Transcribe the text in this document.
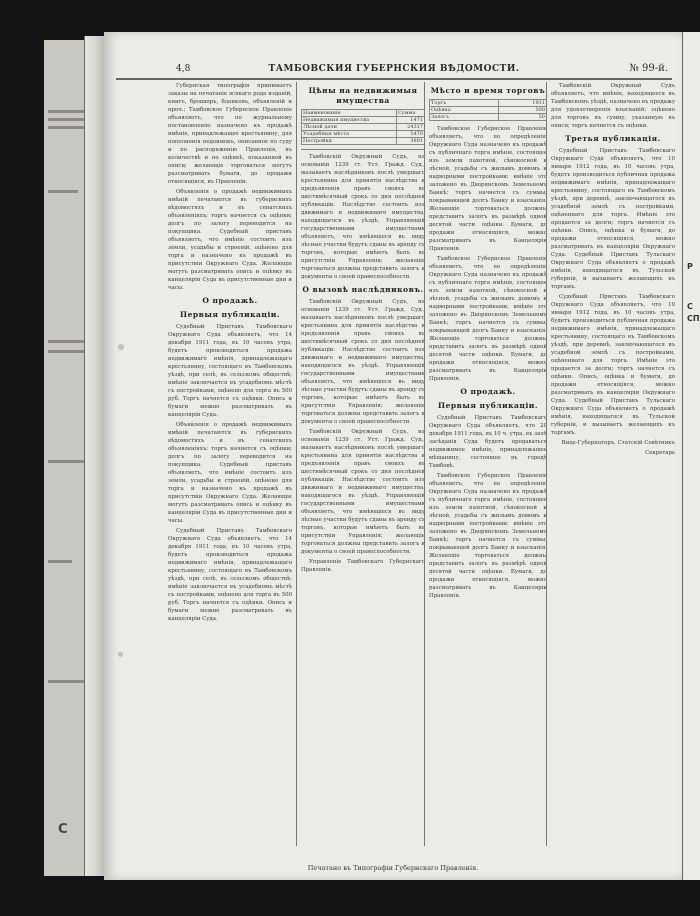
С
4,8	ТАМБОВСКИЯ ГУБЕРНСКИЯ ВѢДОМОСТИ.	№ 99-й.

Губернская типографія принимаетъ заказы на печатаніе всякаго рода изданій, книгъ, брошюръ, бланковъ, объявленій и проч.; Тамбовское Губернское Правленіе объявляетъ, что по журнальному постановленію назначено къ продажѣ имѣніе, принадлежащее крестьянину, для пополненія недоимокъ, описанное по суду и по распоряженію Правленія, въ количествѣ и по оцѣнкѣ, показанной въ описи; желающіе торговаться могутъ разсматривать бумаги, до продажи относящіяся, въ Правленіи.

Объявленія о продажѣ недвижимыхъ имѣній печатаются въ губернскихъ вѣдомостяхъ и въ сенатскихъ объявленіяхъ; торгъ начнется съ оцѣнки; долгъ по залогу переводится на покупщика. Судебный приставъ объявляетъ, что имѣніе состоитъ изъ земли, усадьбы и строеній, оцѣнено для торга и назначено къ продажѣ въ присутствіи Окружнаго Суда. Желающіе могутъ разсматривать опись и оцѣнку въ канцеляріи Суда въ присутственные дни и часы.

О продажѣ.
Первыя публикаціи.

Судебный Приставъ Тамбовскаго Окружнаго Суда объявляетъ, что 14 декабря 1911 года, въ 10 часовъ утра, будетъ производиться продажа недвижимаго имѣнія, принадлежащаго крестьянину, состоящаго въ Тамбовскомъ уѣздѣ, при селѣ, въ сельскомъ обществѣ; имѣніе заключается въ усадебномъ мѣстѣ съ постройками, оцѣнено для торга въ 500 руб. Торгъ начнется съ оцѣнки. Опись и бумаги можно разсматривать въ канцеляріи Суда.

Объявленія о продажѣ недвижимыхъ имѣній печатаются въ губернскихъ вѣдомостяхъ и въ сенатскихъ объявленіяхъ; торгъ начнется съ оцѣнки; долгъ по залогу переводится на покупщика. Судебный приставъ объявляетъ, что имѣніе состоитъ изъ земли, усадьбы и строеній, оцѣнено для торга и назначено къ продажѣ въ присутствіи Окружнаго Суда. Желающіе могутъ разсматривать опись и оцѣнку въ канцеляріи Суда въ присутственные дни и часы.

Судебный Приставъ Тамбовскаго Окружнаго Суда объявляетъ, что 14 декабря 1911 года, въ 10 часовъ утра, будетъ производиться продажа недвижимаго имѣнія, принадлежащаго крестьянину, состоящаго въ Тамбовскомъ уѣздѣ, при селѣ, въ сельскомъ обществѣ; имѣніе заключается въ усадебномъ мѣстѣ съ постройками, оцѣнено для торга въ 500 руб. Торгъ начнется съ оцѣнки. Опись и бумаги можно разсматривать въ канцеляріи Суда.

Цѣны на недвижимыя имущества
Наименованіе	Сумма
Недвижимыя имущества	1471
Лѣсной дачи	24317
Усадебныя мѣста	5470
Постройки	3801

Тамбовскій Окружный Судъ, на основаніи 1239 ст. Уст. Гражд. Суд., вызываетъ наслѣдниковъ послѣ умершаго крестьянина для принятія наслѣдства и предъявленія правъ своихъ въ шестимѣсячный срокъ со дня послѣдней публикаціи. Наслѣдство состоитъ изъ движимаго и недвижимаго имущества, находящагося въ уѣздѣ. Управляющій государственными имуществами объявляетъ, что имѣющіеся въ виду лѣсные участки будутъ сданы въ аренду съ торговъ, которые имѣютъ быть въ присутствіи Управленія; желающіе торговаться должны представить залогъ и документы о своей правоспособности.

О вызовѣ наслѣдниковъ.

Тамбовскій Окружный Судъ, на основаніи 1239 ст. Уст. Гражд. Суд., вызываетъ наслѣдниковъ послѣ умершаго крестьянина для принятія наслѣдства и предъявленія правъ своихъ въ шестимѣсячный срокъ со дня послѣдней публикаціи. Наслѣдство состоитъ изъ движимаго и недвижимаго имущества, находящагося въ уѣздѣ. Управляющій государственными имуществами объявляетъ, что имѣющіеся въ виду лѣсные участки будутъ сданы въ аренду съ торговъ, которые имѣютъ быть въ присутствіи Управленія; желающіе торговаться должны представить залогъ и документы о своей правоспособности.

Тамбовскій Окружный Судъ, на основаніи 1239 ст. Уст. Гражд. Суд., вызываетъ наслѣдниковъ послѣ умершаго крестьянина для принятія наслѣдства и предъявленія правъ своихъ въ шестимѣсячный срокъ со дня послѣдней публикаціи. Наслѣдство состоитъ изъ движимаго и недвижимаго имущества, находящагося въ уѣздѣ. Управляющій государственными имуществами объявляетъ, что имѣющіеся въ виду лѣсные участки будутъ сданы въ аренду съ торговъ, которые имѣютъ быть въ присутствіи Управленія; желающіе торговаться должны представить залогъ и документы о своей правоспособности.

Управленіе Тамбовскаго Губернскаго Правленія.

Мѣсто и время торговъ
Торгъ	1911
Оцѣнка	500
Залогъ	50

Тамбовское Губернское Правленіе объявляетъ, что по опредѣленію Окружнаго Суда назначено къ продажѣ съ публичнаго торга имѣніе, состоящее изъ земли пахотной, сѣнокосной и лѣсной, усадьбы съ жилымъ домомъ и надворными постройками; имѣніе это заложено въ Дворянскомъ Земельномъ Банкѣ; торгъ начнется съ суммы, покрывающей долгъ Банку и взысканія. Желающіе торговаться должны представить залогъ въ размѣрѣ одной десятой части оцѣнки. Бумаги, до продажи относящіяся, можно разсматривать въ Канцеляріи Правленія.

Тамбовское Губернское Правленіе объявляетъ, что по опредѣленію Окружнаго Суда назначено къ продажѣ съ публичнаго торга имѣніе, состоящее изъ земли пахотной, сѣнокосной и лѣсной, усадьбы съ жилымъ домомъ и надворными постройками; имѣніе это заложено въ Дворянскомъ Земельномъ Банкѣ; торгъ начнется съ суммы, покрывающей долгъ Банку и взысканія. Желающіе торговаться должны представить залогъ въ размѣрѣ одной десятой части оцѣнки. Бумаги, до продажи относящіяся, можно разсматривать въ Канцеляріи Правленія.

О продажѣ.
Первыя публикаціи.

Судебный Приставъ Тамбовскаго Окружнаго Суда объявляетъ, что 20 декабря 1911 года, въ 10 ч. утра, въ залѣ засѣданія Суда будетъ продаваться недвижимое имѣніе, принадлежащее мѣщанину, состоящее въ городѣ Тамбовѣ.

Тамбовское Губернское Правленіе объявляетъ, что по опредѣленію Окружнаго Суда назначено къ продажѣ съ публичнаго торга имѣніе, состоящее изъ земли пахотной, сѣнокосной и лѣсной, усадьбы съ жилымъ домомъ и надворными постройками; имѣніе это заложено въ Дворянскомъ Земельномъ Банкѣ; торгъ начнется съ суммы, покрывающей долгъ Банку и взысканія. Желающіе торговаться должны представить залогъ въ размѣрѣ одной десятой части оцѣнки. Бумаги, до продажи относящіяся, можно разсматривать въ Канцеляріи Правленія.

Тамбовскій Окружный Судъ объявляетъ, что имѣніе, находящееся въ Тамбовскомъ уѣздѣ, назначено въ продажу для удовлетворенія взысканій; оцѣнено для торговъ въ сумму, указанную въ описи; торгъ начнется съ оцѣнки.

Третья публикація.

Судебный Приставъ Тамбовскаго Окружнаго Суда объявляетъ, что 10 января 1912 года, въ 10 часовъ утра, будетъ производиться публичная продажа недвижимаго имѣнія, принадлежащаго крестьянину, состоящаго въ Тамбовскомъ уѣздѣ, при деревнѣ, заключающагося въ усадебной землѣ съ постройками, оцѣненнаго для торга. Имѣніе это продается за долги; торгъ начнется съ оцѣнки. Опись, оцѣнка и бумаги, до продажи относящіяся, можно разсматривать въ канцеляріи Окружнаго Суда. Судебный Приставъ Тульскаго Окружнаго Суда объявляетъ о продажѣ имѣнія, находящагося въ Тульской губерніи, и вызываетъ желающихъ къ торгамъ.

Судебный Приставъ Тамбовскаго Окружнаго Суда объявляетъ, что 10 января 1912 года, въ 10 часовъ утра, будетъ производиться публичная продажа недвижимаго имѣнія, принадлежащаго крестьянину, состоящаго въ Тамбовскомъ уѣздѣ, при деревнѣ, заключающагося въ усадебной землѣ съ постройками, оцѣненнаго для торга. Имѣніе это продается за долги; торгъ начнется съ оцѣнки. Опись, оцѣнка и бумаги, до продажи относящіяся, можно разсматривать въ канцеляріи Окружнаго Суда. Судебный Приставъ Тульскаго Окружнаго Суда объявляетъ о продажѣ имѣнія, находящагося въ Тульской губерніи, и вызываетъ желающихъ къ торгамъ.

Вице-Губернаторъ, Статскій Совѣтникъ

Секретарь

Печатано въ Типографіи Губернскаго Правленія.
Р
С
СП
